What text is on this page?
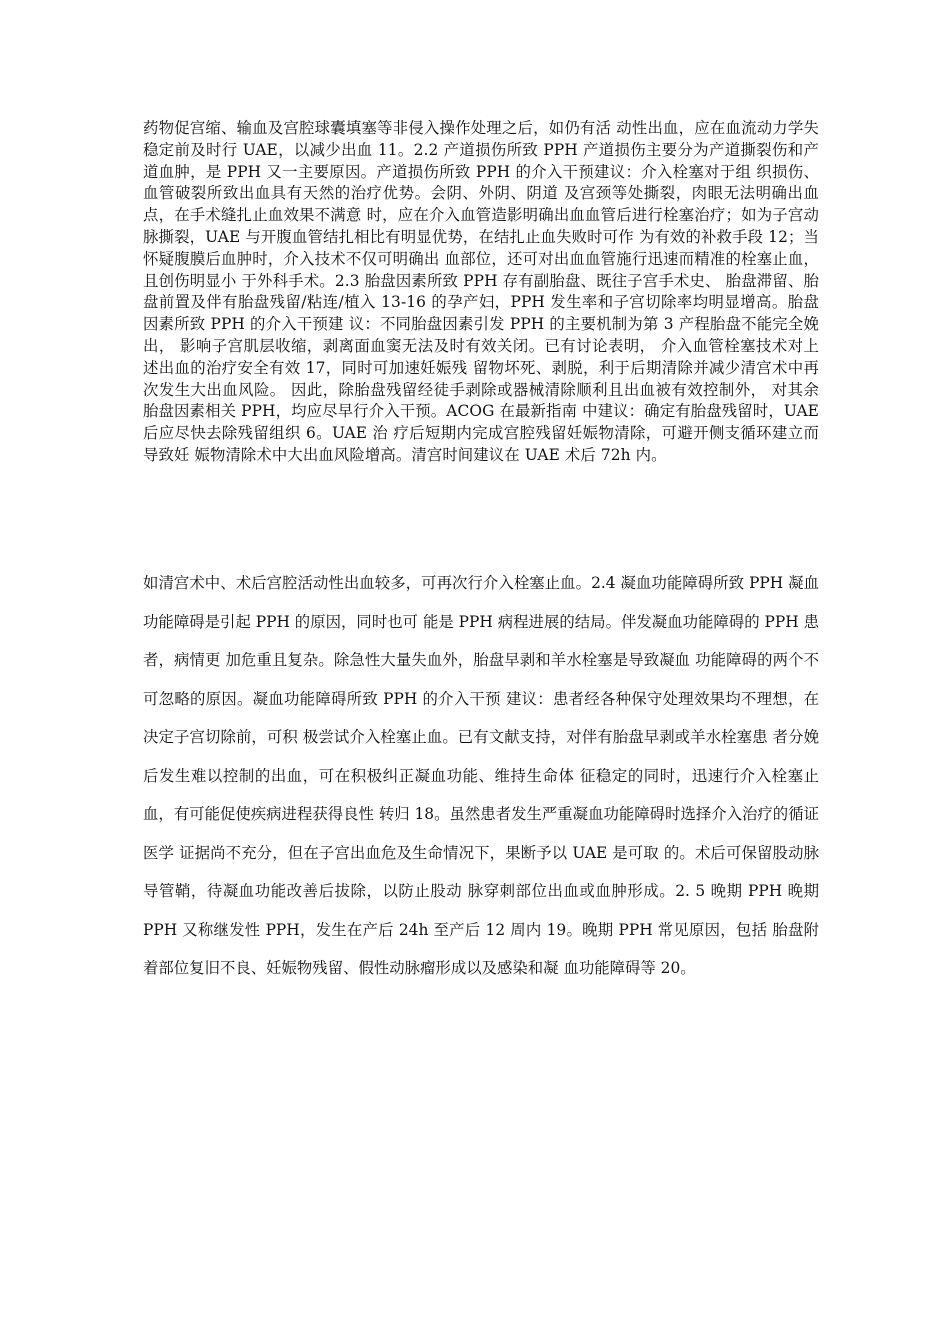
药物促宫缩、输血及宫腔球囊填塞等非侵入操作处理之后，如仍有活 动性出血，应在血流动力学失稳定前及时行 UAE，以减少出血 11。2.2 产道损伤所致 PPH 产道损伤主要分为产道撕裂伤和产道血肿，是 PPH 又一主要原因。产道损伤所致 PPH 的介入干预建议：介入栓塞对于组 织损伤、血管破裂所致出血具有天然的治疗优势。会阴、外阴、阴道 及宫颈等处撕裂，肉眼无法明确出血点，在手术缝扎止血效果不满意 时，应在介入血管造影明确出血血管后进行栓塞治疗；如为子宫动脉撕裂，UAE 与开腹血管结扎相比有明显优势，在结扎止血失败时可作 为有效的补救手段 12；当怀疑腹膜后血肿时，介入技术不仅可明确出 血部位，还可对出血血管施行迅速而精准的栓塞止血，且创伤明显小 于外科手术。2.3 胎盘因素所致 PPH 存有副胎盘、既往子宫手术史、 胎盘滞留、胎盘前置及伴有胎盘残留/粘连/植入 13-16 的孕产妇，PPH 发生率和子宫切除率均明显增高。胎盘因素所致 PPH 的介入干预建 议：不同胎盘因素引发 PPH 的主要机制为第 3 产程胎盘不能完全娩出， 影响子宫肌层收缩，剥离面血窦无法及时有效关闭。已有讨论表明， 介入血管栓塞技术对上述出血的治疗安全有效 17，同时可加速妊娠残 留物坏死、剥脱，利于后期清除并减少清宫术中再次发生大出血风险。 因此，除胎盘残留经徒手剥除或器械清除顺利且出血被有效控制外， 对其余胎盘因素相关 PPH，均应尽早行介入干预。ACOG 在最新指南 中建议：确定有胎盘残留时，UAE 后应尽快去除残留组织 6。UAE 治 疗后短期内完成宫腔残留妊娠物清除，可避开侧支循环建立而导致妊 娠物清除术中大出血风险增高。清宫时间建议在 UAE 术后 72h 内。

如清宫术中、术后宫腔活动性出血较多，可再次行介入栓塞止血。2.4 凝血功能障碍所致 PPH 凝血功能障碍是引起 PPH 的原因，同时也可 能是 PPH 病程进展的结局。伴发凝血功能障碍的 PPH 患者，病情更 加危重且复杂。除急性大量失血外，胎盘早剥和羊水栓塞是导致凝血 功能障碍的两个不可忽略的原因。凝血功能障碍所致 PPH 的介入干预 建议：患者经各种保守处理效果均不理想，在决定子宫切除前，可积 极尝试介入栓塞止血。已有文献支持，对伴有胎盘早剥或羊水栓塞患 者分娩后发生难以控制的出血，可在积极纠正凝血功能、维持生命体 征稳定的同时，迅速行介入栓塞止血，有可能促使疾病进程获得良性 转归 18。虽然患者发生严重凝血功能障碍时选择介入治疗的循证医学 证据尚不充分，但在子宫出血危及生命情况下，果断予以 UAE 是可取 的。术后可保留股动脉导管鞘，待凝血功能改善后拔除，以防止股动 脉穿刺部位出血或血肿形成。2. 5 晚期 PPH 晚期 PPH 又称继发性 PPH，发生在产后 24h 至产后 12 周内 19。晚期 PPH 常见原因，包括 胎盘附着部位复旧不良、妊娠物残留、假性动脉瘤形成以及感染和凝 血功能障碍等 20。
